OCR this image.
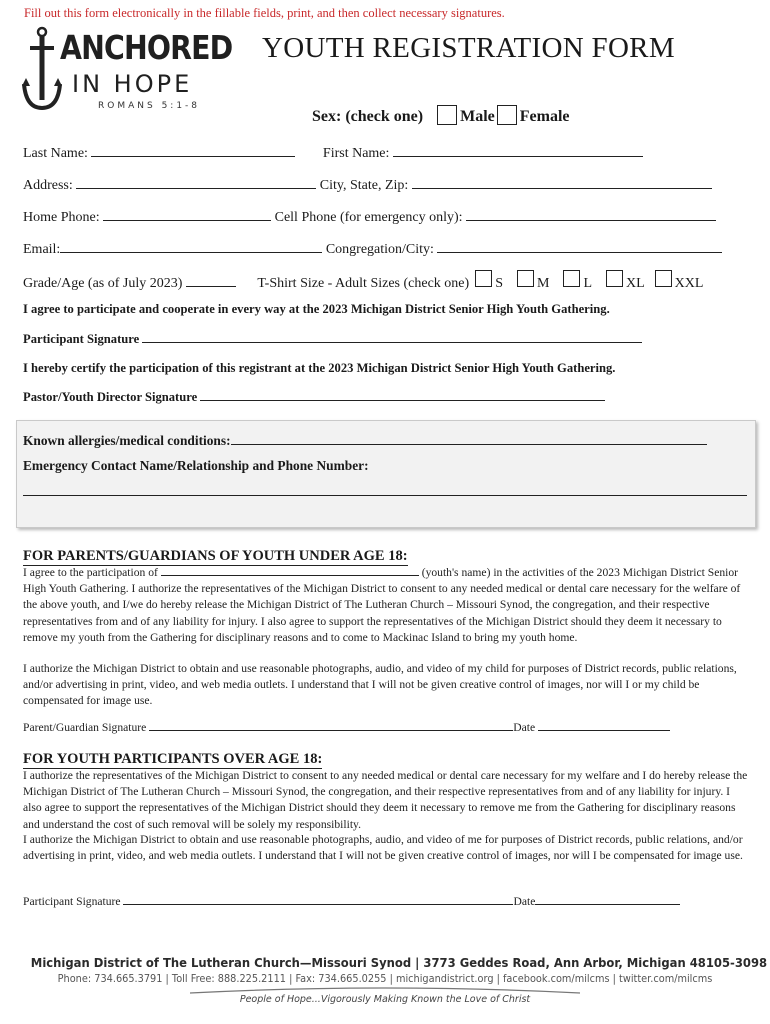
Fill out this form electronically in the fillable fields, print, and then collect necessary signatures.
ANCHORED
IN HOPE
ROMANS 5:1-8
YOUTH REGISTRATION FORM
Sex: (check one) Male Female
Last Name:	First Name:
Address:	City, State, Zip:
Home Phone:	Cell Phone (for emergency only):
Email:	Congregation/City:
Grade/Age (as of July 2023)	T-Shirt Size - Adult Sizes (check one) S M L XL XXL
I agree to participate and cooperate in every way at the 2023 Michigan District Senior High Youth Gathering.
Participant Signature
I hereby certify the participation of this registrant at the 2023 Michigan District Senior High Youth Gathering.
Pastor/Youth Director Signature
Known allergies/medical conditions:
Emergency Contact Name/Relationship and Phone Number:
FOR PARENTS/GUARDIANS OF YOUTH UNDER AGE 18:
I agree to the participation of	(youth's name) in the activities of the 2023 Michigan District Senior High Youth Gathering. I authorize the representatives of the Michigan District to consent to any needed medical or dental care necessary for the welfare of the above youth, and I/we do hereby release the Michigan District of The Lutheran Church – Missouri Synod, the congregation, and their respective representatives from and of any liability for injury. I also agree to support the representatives of the Michigan District should they deem it necessary to remove my youth from the Gathering for disciplinary reasons and to come to Mackinac Island to bring my youth home.
I authorize the Michigan District to obtain and use reasonable photographs, audio, and video of my child for purposes of District records, public relations, and/or advertising in print, video, and web media outlets. I understand that I will not be given creative control of images, nor will I or my child be compensated for image use.
Parent/Guardian Signature	Date
FOR YOUTH PARTICIPANTS OVER AGE 18:
I authorize the representatives of the Michigan District to consent to any needed medical or dental care necessary for my welfare and I do hereby release the Michigan District of The Lutheran Church – Missouri Synod, the congregation, and their respective representatives from and of any liability for injury. I also agree to support the representatives of the Michigan District should they deem it necessary to remove me from the Gathering for disciplinary reasons and understand the cost of such removal will be solely my responsibility.
I authorize the Michigan District to obtain and use reasonable photographs, audio, and video of me for purposes of District records, public relations, and/or advertising in print, video, and web media outlets. I understand that I will not be given creative control of images, nor will I be compensated for image use.
Participant Signature	Date
Michigan District of The Lutheran Church—Missouri Synod | 3773 Geddes Road, Ann Arbor, Michigan 48105-3098
Phone: 734.665.3791 | Toll Free: 888.225.2111 | Fax: 734.665.0255 | michigandistrict.org | facebook.com/milcms | twitter.com/milcms
People of Hope...Vigorously Making Known the Love of Christ
